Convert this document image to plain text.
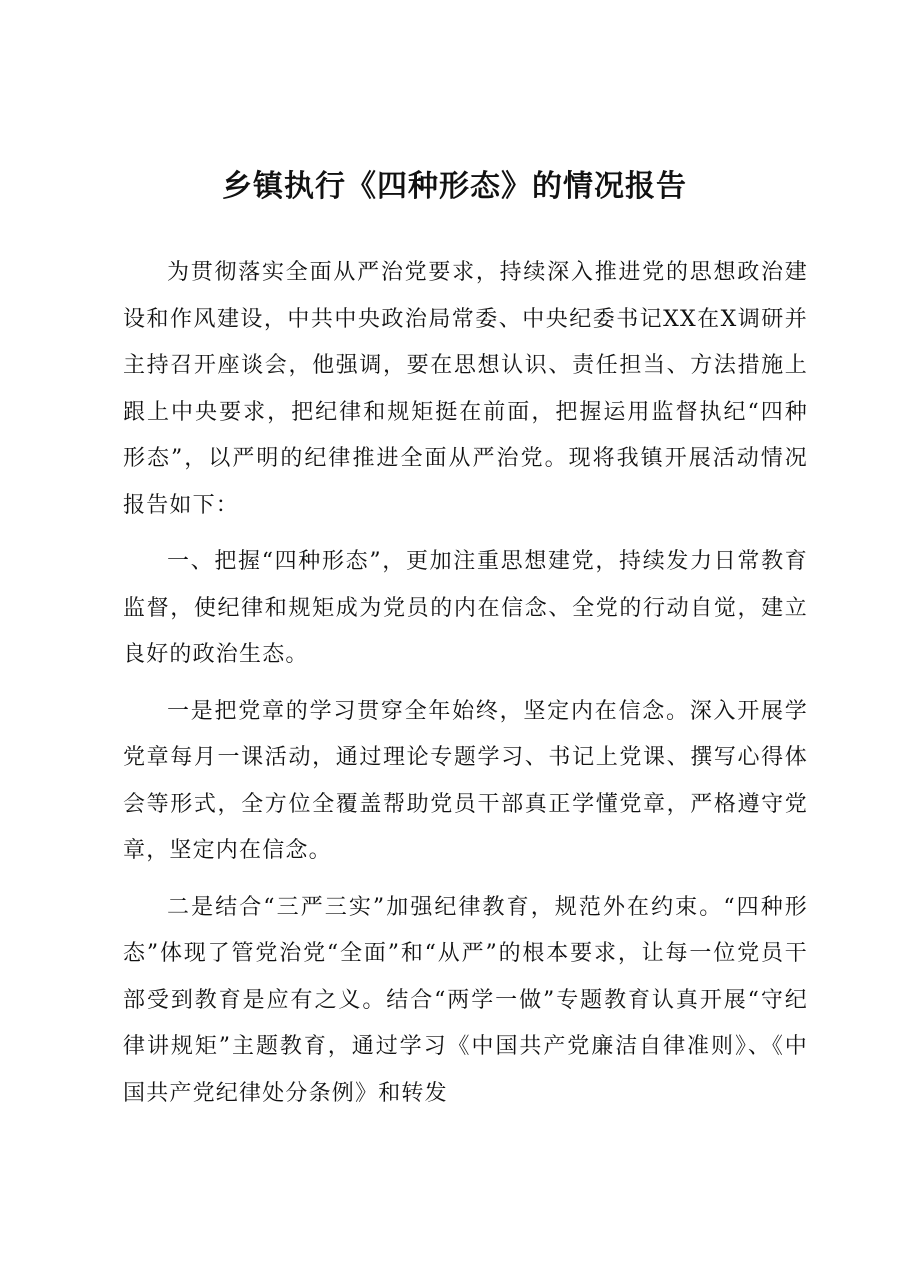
乡镇执行《四种形态》的情况报告

为贯彻落实全面从严治党要求，持续深入推进党的思想政治建设和作风建设，中共中央政治局常委、中央纪委书记XX在X调研并主持召开座谈会，他强调，要在思想认识、责任担当、方法措施上跟上中央要求，把纪律和规矩挺在前面，把握运用监督执纪“四种形态”，以严明的纪律推进全面从严治党。现将我镇开展活动情况报告如下：

一、把握“四种形态”，更加注重思想建党，持续发力日常教育监督，使纪律和规矩成为党员的内在信念、全党的行动自觉，建立良好的政治生态。

一是把党章的学习贯穿全年始终，坚定内在信念。深入开展学党章每月一课活动，通过理论专题学习、书记上党课、撰写心得体会等形式，全方位全覆盖帮助党员干部真正学懂党章，严格遵守党章，坚定内在信念。

二是结合“三严三实”加强纪律教育，规范外在约束。“四种形态”体现了管党治党“全面”和“从严”的根本要求，让每一位党员干部受到教育是应有之义。结合“两学一做”专题教育认真开展“守纪律讲规矩”主题教育，通过学习《中国共产党廉洁自律准则》、《中国共产党纪律处分条例》和转发
